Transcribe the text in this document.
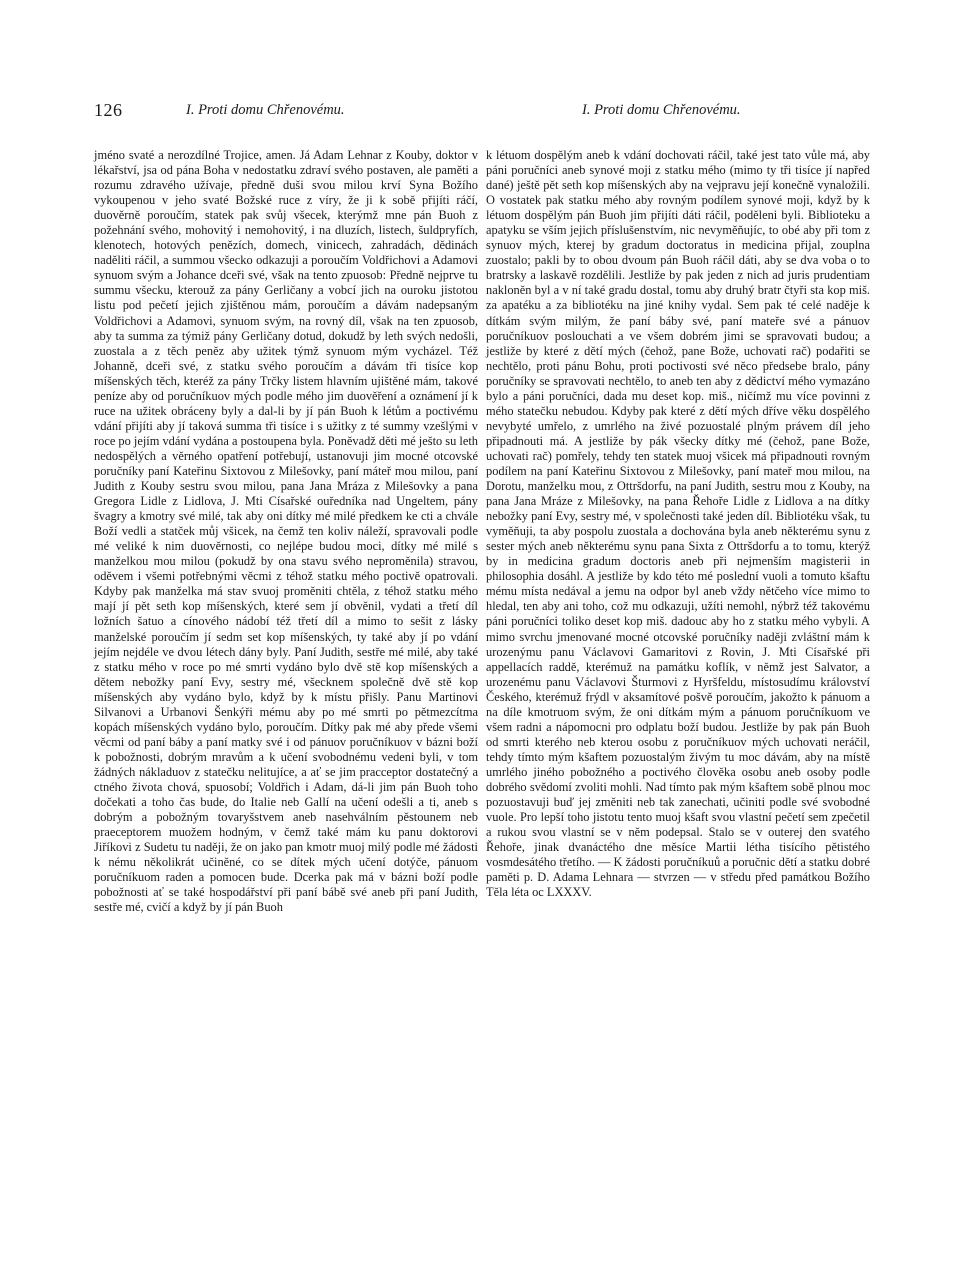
126	I. Proti domu Chřenovému.	I. Proti domu Chřenovému.

jméno svaté a nerozdílné Trojice, amen. Já Adam Lehnar z Kouby, doktor v lékařství, jsa od pána Boha v nedostatku zdraví svého postaven, ale paměti a rozumu zdravého užívaje, předně duši svou milou krví Syna Božího vykoupenou v jeho svaté Božské ruce z víry, že ji k sobě přijíti ráčí, duověrně poroučím, statek pak svůj všecek, kterýmž mne pán Buoh z požehnání svého, mohovitý i nemohovitý, i na dluzích, listech, šuldpryfích, klenotech, hotových penězích, domech, vinicech, zahradách, dědinách naděliti ráčil, a summou všecko odkazuji a poroučím Voldřichovi a Adamovi synuom svým a Johance dceři své, však na tento zpuosob: Předně nejprve tu summu všecku, kterouž za pány Gerličany a vobcí jich na ouroku jistotou listu pod pečetí jejich zjištěnou mám, poroučím a dávám nadepsaným Voldřichovi a Adamovi, synuom svým, na rovný díl, však na ten zpuosob, aby ta summa za týmiž pány Gerličany dotud, dokudž by leth svých nedošli, zuostala a z těch peněz aby užitek týmž synuom mým vycházel. Též Johanně, dceři své, z statku svého poroučím a dávám tři tisíce kop míšenských těch, kteréž za pány Trčky listem hlavním ujištěné mám, takové peníze aby od poručníkuov mých podle mého jim duověření a oznámení jí k ruce na užitek obráceny byly a dal-li by jí pán Buoh k létům a poctivému vdání přijíti aby jí taková summa tři tisíce i s užitky z té summy vzešlými v roce po jejím vdání vydána a postoupena byla. Poněvadž děti mé ješto su leth nedospělých a věrného opatření potřebují, ustanovuji jim mocné otcovské poručníky paní Kateřinu Sixtovou z Milešovky, paní máteř mou milou, paní Judith z Kouby sestru svou milou, pana Jana Mráza z Milešovky a pana Gregora Lidle z Lidlova, J. Mti Císařské ouředníka nad Ungeltem, pány švagry a kmotry své milé, tak aby oni dítky mé milé předkem ke cti a chvále Boží vedli a statček můj všicek, na čemž ten koliv náleží, spravovali podle mé veliké k nim duověrnosti, co nejlépe budou moci, dítky mé milé s manželkou mou milou (pokudž by ona stavu svého neproměnila) stravou, oděvem i všemi potřebnými věcmi z téhož statku mého poctivě opatrovali. Kdyby pak manželka má stav svuoj proměniti chtěla, z téhož statku mého mají jí pět seth kop míšenských, které sem jí obvěnil, vydati a třetí díl ložních šatuo a cínového nádobí též třetí díl a mimo to sešit z lásky manželské poroučím jí sedm set kop míšenských, ty také aby jí po vdání jejím nejdéle ve dvou létech dány byly. Paní Judith, sestře mé milé, aby také z statku mého v roce po mé smrti vydáno bylo dvě stě kop míšenských a dětem nebožky paní Evy, sestry mé, všecknem společně dvě stě kop míšenských aby vydáno bylo, když by k místu přišly. Panu Martinovi Silvanovi a Urbanovi Šenkýři mému aby po mé smrti po pětmezcítma kopách míšenských vydáno bylo, poroučím. Dítky pak mé aby přede všemi věcmi od paní báby a paní matky své i od pánuov poručníkuov v bázni boží k pobožnosti, dobrým mravům a k učení svobodnému vedeni byli, v tom žádných nákladuov z statečku nelitujíce, a ať se jim pracceptor dostatečný a ctného života chová, spuosobí; Voldřich i Adam, dá-li jim pán Buoh toho dočekati a toho čas bude, do Italie neb Gallí na učení odešli a ti, aneb s dobrým a pobožným tovaryšstvem aneb nasehválním pěstounem neb praeceptorem muožem hodným, v čemž také mám ku panu doktorovi Jiříkovi z Sudetu tu naději, že on jako pan kmotr muoj milý podle mé žádosti k nému několikrát učiněné, co se dítek mých učení dotýče, pánuom poručníkuom raden a pomocen bude. Dcerka pak má v bázni boží podle pobožnosti ať se také hospodářství při paní bábě své aneb při paní Judith, sestře mé, cvičí a když by jí pán Buoh

k létuom dospělým aneb k vdání dochovati ráčil, také jest tato vůle má, aby páni poručníci aneb synové moji z statku mého (mimo ty tři tisíce jí napřed dané) ještě pět seth kop míšenských aby na vejpravu její konečně vynaložili. O vostatek pak statku mého aby rovným podílem synové moji, když by k létuom dospělým pán Buoh jim přijíti dáti ráčil, poděleni byli. Biblioteku a apatyku se vším jejich příslušenstvím, nic nevyměňujíc, to obé aby při tom z synuov mých, kterej by gradum doctoratus in medicina přijal, zouplna zuostalo; pakli by to obou dvoum pán Buoh ráčil dáti, aby se dva voba o to bratrsky a laskavě rozdělili. Jestliže by pak jeden z nich ad juris prudentiam nakloněn byl a v ní také gradu dostal, tomu aby druhý bratr čtyři sta kop miš. za apatéku a za bibliotéku na jiné knihy vydal. Sem pak té celé naděje k dítkám svým milým, že paní báby své, paní mateře své a pánuov poručníkuov poslouchati a ve všem dobrém jimi se spravovati budou; a jestliže by které z dětí mých (čehož, pane Bože, uchovati rač) podařiti se nechtělo, proti pánu Bohu, proti poctivosti své něco předsebe bralo, pány poručníky se spravovati nechtělo, to aneb ten aby z dědictví mého vymazáno bylo a páni poručníci, dada mu deset kop. miš., ničímž mu více povinni z mého statečku nebudou. Kdyby pak které z dětí mých dříve věku dospělého nevybyté umřelo, z umrlého na živé pozuostalé plným právem díl jeho připadnouti má. A jestliže by pák všecky dítky mé (čehož, pane Bože, uchovati rač) pomřely, tehdy ten statek muoj všicek má připadnouti rovným podílem na paní Kateřinu Sixtovou z Milešovky, paní mateř mou milou, na Dorotu, manželku mou, z Ottršdorfu, na paní Judith, sestru mou z Kouby, na pana Jana Mráze z Milešovky, na pana Řehoře Lidle z Lidlova a na dítky nebožky paní Evy, sestry mé, v společnosti také jeden díl. Bibliotéku však, tu vyměňuji, ta aby pospolu zuostala a dochována byla aneb některému synu z sester mých aneb některému synu pana Sixta z Ottršdorfu a to tomu, kterýž by in medicina gradum doctoris aneb při nejmenším magisterii in philosophia dosáhl. A jestliže by kdo této mé poslední vuoli a tomuto kšaftu mému místa nedával a jemu na odpor byl aneb vždy nětčeho více mimo to hledal, ten aby ani toho, což mu odkazuji, užíti nemohl, nýbrž též takovému páni poručníci toliko deset kop miš. dadouc aby ho z statku mého vybyli. A mimo svrchu jmenované mocné otcovské poručníky naději zvláštní mám k urozenýmu panu Václavovi Gamaritovi z Rovin, J. Mti Císařské při appellacích raddě, kterémuž na památku koflík, v němž jest Salvator, a urozenému panu Václavovi Šturmovi z Hyršfeldu, místosudímu království Českého, kterémuž frýdl v aksamítové pošvě poroučím, jakožto k pánuom a na díle kmotruom svým, že oni dítkám mým a pánuom poručníkuom ve všem radni a nápomocni pro odplatu boží budou. Jestliže by pak pán Buoh od smrti kterého neb kterou osobu z poručníkuov mých uchovati neráčil, tehdy tímto mým kšaftem pozuostalým živým tu moc dávám, aby na místě umrlého jiného pobožného a poctivého člověka osobu aneb osoby podle dobrého svědomí zvoliti mohli. Nad tímto pak mým kšaftem sobě plnou moc pozuostavuji buď jej změniti neb tak zanechati, učiniti podle své svobodné vuole. Pro lepší toho jistotu tento muoj kšaft svou vlastní pečetí sem zpečetil a rukou svou vlastní se v něm podepsal. Stalo se v outerej den svatého Řehoře, jinak dvanáctého dne měsíce Martii létha tisícího pětistého vosmdesátého třetího. — K žádosti poručníkuů a poručnic dětí a statku dobré paměti p. D. Adama Lehnara — stvrzen — v středu před památkou Božího Těla léta oc LXXXV.
